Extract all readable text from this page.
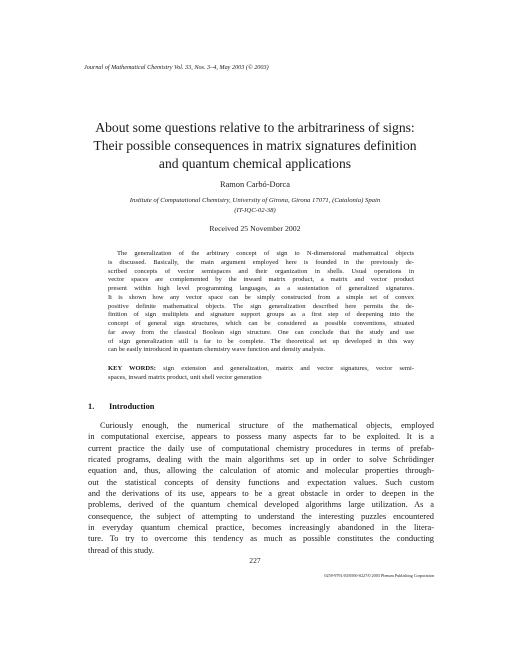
Journal of Mathematical Chemistry Vol. 33, Nos. 3–4, May 2003 (© 2003)
About some questions relative to the arbitrariness of signs:
Their possible consequences in matrix signatures definition
and quantum chemical applications
Ramon Carbó-Dorca
Institute of Computational Chemistry, University of Girona, Girona 17071, (Catalonia) Spain
(IT-IQC-02-38)
Received 25 November 2002
The generalization of the arbitrary concept of sign to N-dimensional mathematical objects
is discussed. Basically, the main argument employed here is founded in the previously de-
scribed concepts of vector semispaces and their organization in shells. Usual operations in
vector spaces are complemented by the inward matrix product, a matrix and vector product
present within high level programming languages, as a sustentation of generalized signatures.
It is shown how any vector space can be simply constructed from a simple set of convex
positive definite mathematical objects. The sign generalization described here permits the de-
finition of sign multiplets and signature support groups as a first step of deepening into the
concept of general sign structures, which can be considered as possible conventions, situated
far away from the classical Boolean sign structure. One can conclude that the study and use
of sign generalization still is far to be complete. The theoretical set up developed in this way
can be easily introduced in quantum chemistry wave function and density analysis.
KEY WORDS: sign extension and generalization, matrix and vector signatures, vector semi-
spaces, inward matrix product, unit shell vector generation
1. Introduction
Curiously enough, the numerical structure of the mathematical objects, employed
in computational exercise, appears to possess many aspects far to be exploited. It is a
current practice the daily use of computational chemistry procedures in terms of prefab-
ricated programs, dealing with the main algorithms set up in order to solve Schrödinger
equation and, thus, allowing the calculation of atomic and molecular properties through-
out the statistical concepts of density functions and expectation values. Such custom
and the derivations of its use, appears to be a great obstacle in order to deepen in the
problems, derived of the quantum chemical developed algorithms large utilization. As a
consequence, the subject of attempting to understand the interesting puzzles encountered
in everyday quantum chemical practice, becomes increasingly abandoned in the litera-
ture. To try to overcome this tendency as much as possible constitutes the conducting
thread of this study.
227
0259-9791/03/0500-0227/0 2003 Plenum Publishing Corporation
